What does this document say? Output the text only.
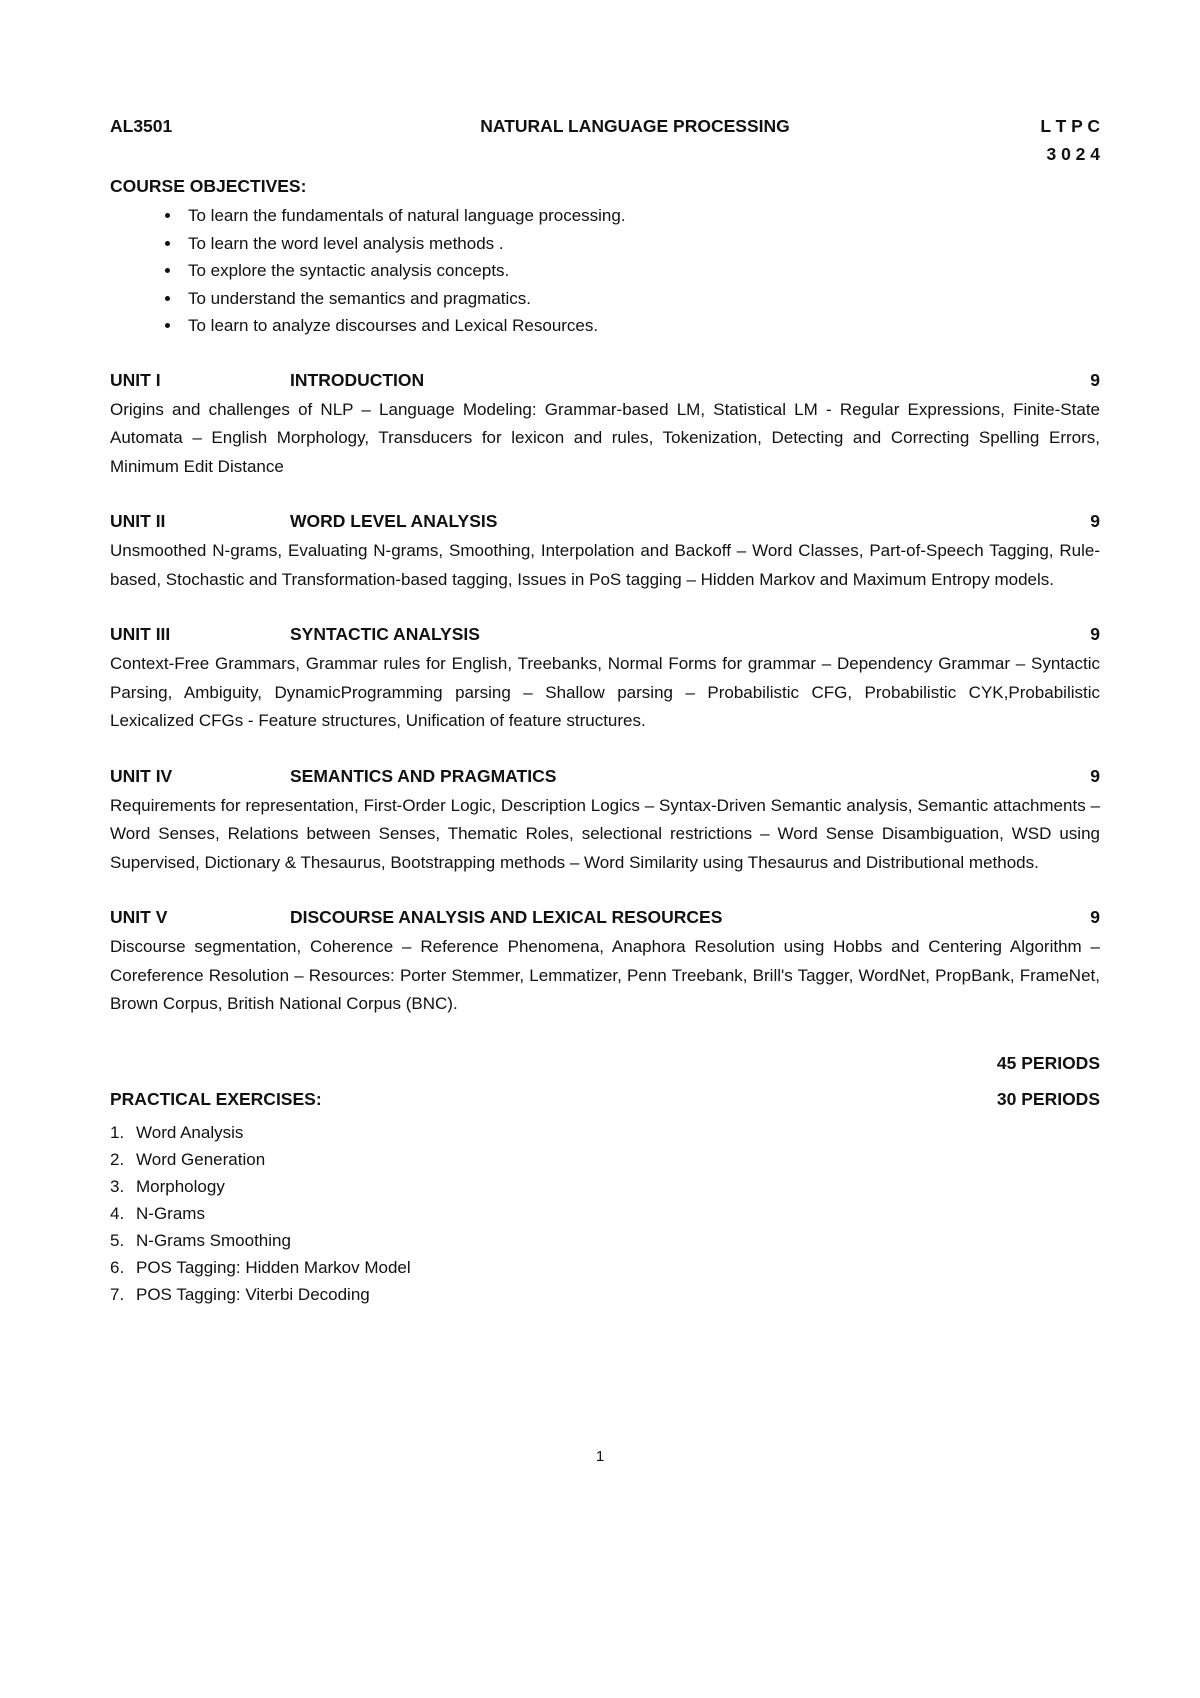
AL3501	NATURAL LANGUAGE PROCESSING	L T P C
3 0 2 4
COURSE OBJECTIVES:
• To learn the fundamentals of natural language processing.
• To learn the word level analysis methods .
• To explore the syntactic analysis concepts.
• To understand the semantics and pragmatics.
• To learn to analyze discourses and Lexical Resources.
UNIT I	INTRODUCTION	9

Origins and challenges of NLP – Language Modeling: Grammar-based LM, Statistical LM - Regular Expressions, Finite-State Automata – English Morphology, Transducers for lexicon and rules, Tokenization, Detecting and Correcting Spelling Errors, Minimum Edit Distance

UNIT II	WORD LEVEL ANALYSIS	9

Unsmoothed N-grams, Evaluating N-grams, Smoothing, Interpolation and Backoff – Word Classes, Part-of-Speech Tagging, Rule-based, Stochastic and Transformation-based tagging, Issues in PoS tagging – Hidden Markov and Maximum Entropy models.

UNIT III	SYNTACTIC ANALYSIS	9

Context-Free Grammars, Grammar rules for English, Treebanks, Normal Forms for grammar – Dependency Grammar – Syntactic Parsing, Ambiguity, DynamicProgramming parsing – Shallow parsing – Probabilistic CFG, Probabilistic CYK,Probabilistic Lexicalized CFGs - Feature structures, Unification of feature structures.

UNIT IV	SEMANTICS AND PRAGMATICS	9

Requirements for representation, First-Order Logic, Description Logics – Syntax-Driven Semantic analysis, Semantic attachments – Word Senses, Relations between Senses, Thematic Roles, selectional restrictions – Word Sense Disambiguation, WSD using Supervised, Dictionary & Thesaurus, Bootstrapping methods – Word Similarity using Thesaurus and Distributional methods.

UNIT V	DISCOURSE ANALYSIS AND LEXICAL RESOURCES	9

Discourse segmentation, Coherence – Reference Phenomena, Anaphora Resolution using Hobbs and Centering Algorithm – Coreference Resolution – Resources: Porter Stemmer, Lemmatizer, Penn Treebank, Brill's Tagger, WordNet, PropBank, FrameNet, Brown Corpus, British National Corpus (BNC).

45 PERIODS
PRACTICAL EXERCISES:	30 PERIODS
1. Word Analysis
2. Word Generation
3. Morphology
4. N-Grams
5. N-Grams Smoothing
6. POS Tagging: Hidden Markov Model
7. POS Tagging: Viterbi Decoding
1
